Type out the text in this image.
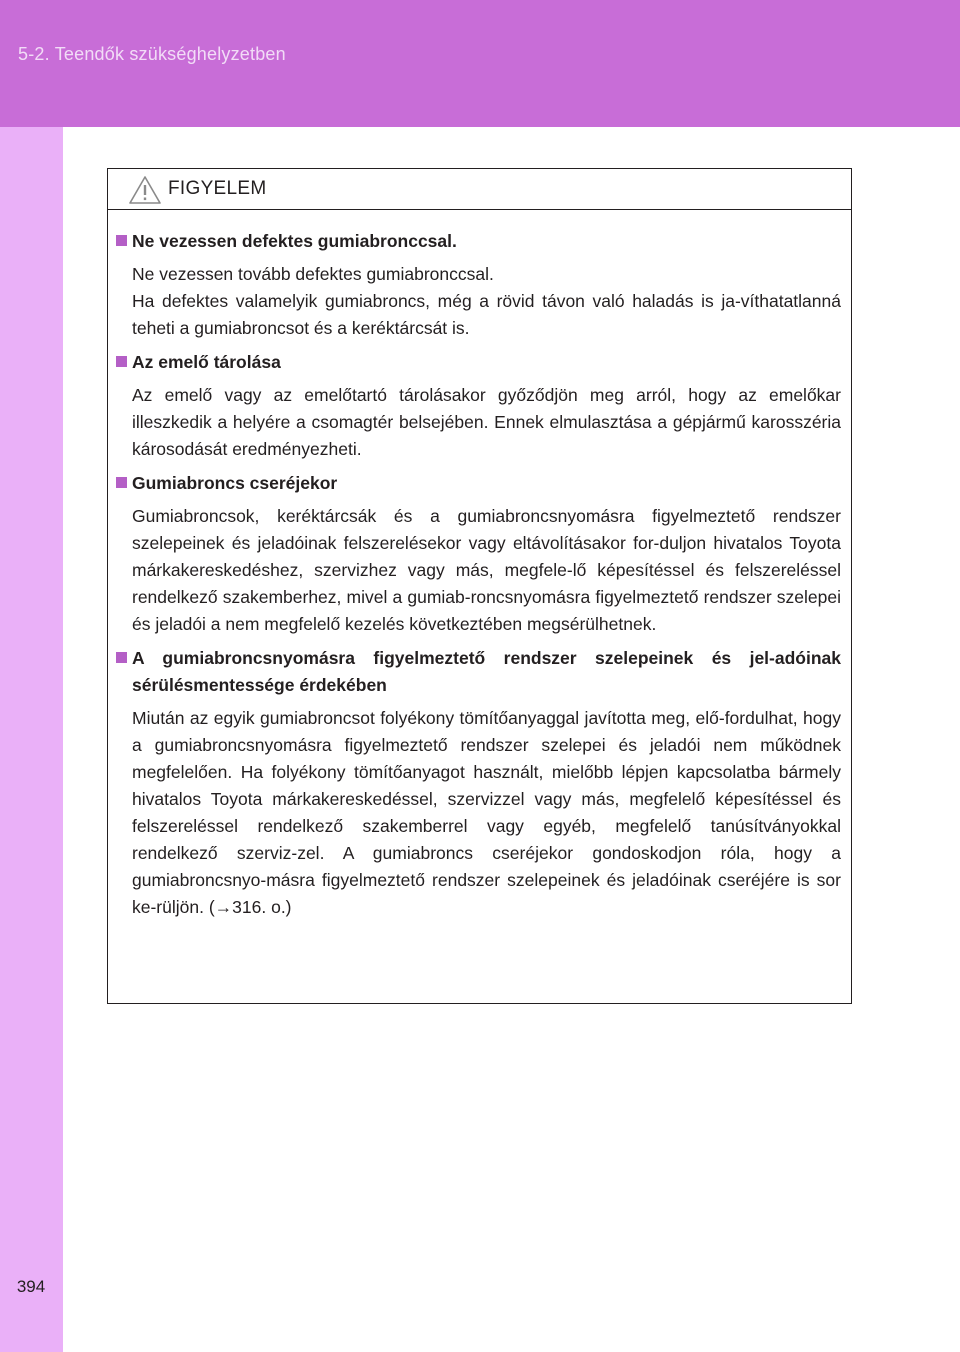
5-2. Teendők szükséghelyzetben
394
FIGYELEM
Ne vezessen defektes gumiabronccsal.
Ne vezessen tovább defektes gumiabronccsal.
Ha defektes valamelyik gumiabroncs, még a rövid távon való haladás is ja-víthatatlanná teheti a gumiabroncsot és a keréktárcsát is.
Az emelő tárolása
Az emelő vagy az emelőtartó tárolásakor győződjön meg arról, hogy az emelőkar illeszkedik a helyére a csomagtér belsejében. Ennek elmulasztása a gépjármű karosszéria károsodását eredményezheti.
Gumiabroncs cseréjekor
Gumiabroncsok, keréktárcsák és a gumiabroncsnyomásra figyelmeztető rendszer szelepeinek és jeladóinak felszerelésekor vagy eltávolításakor for-duljon hivatalos Toyota márkakereskedéshez, szervizhez vagy más, megfele-lő képesítéssel és felszereléssel rendelkező szakemberhez, mivel a gumiab-roncsnyomásra figyelmeztető rendszer szelepei és jeladói a nem megfelelő kezelés következtében megsérülhetnek.
A gumiabroncsnyomásra figyelmeztető rendszer szelepeinek és jel-adóinak sérülésmentessége érdekében
Miután az egyik gumiabroncsot folyékony tömítőanyaggal javította meg, elő-fordulhat, hogy a gumiabroncsnyomásra figyelmeztető rendszer szelepei és jeladói nem működnek megfelelően. Ha folyékony tömítőanyagot használt, mielőbb lépjen kapcsolatba bármely hivatalos Toyota márkakereskedéssel, szervizzel vagy más, megfelelő képesítéssel és felszereléssel rendelkező szakemberrel vagy egyéb, megfelelő tanúsítványokkal rendelkező szerviz-zel. A gumiabroncs cseréjekor gondoskodjon róla, hogy a gumiabroncsnyo-másra figyelmeztető rendszer szelepeinek és jeladóinak cseréjére is sor ke-rüljön. (→316. o.)
